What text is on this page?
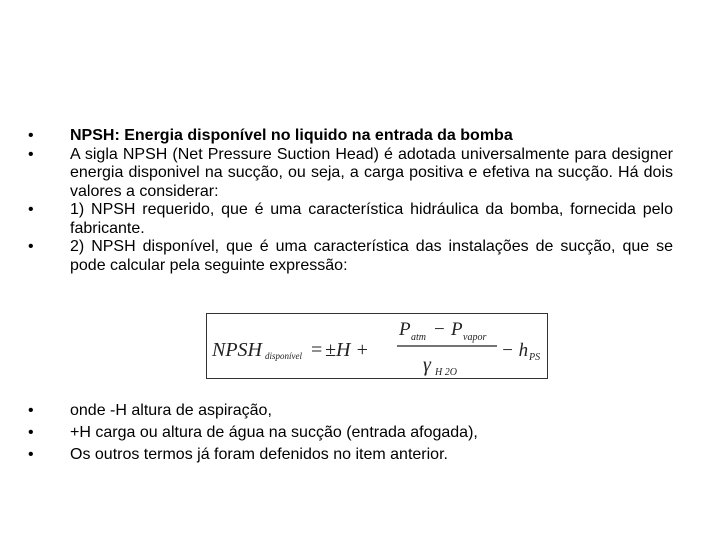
• NPSH: Energia disponível no liquido na entrada da bomba
• A sigla NPSH (Net Pressure Suction Head) é adotada universalmente para designer energia disponivel na sucção, ou seja, a carga positiva e efetiva na sucção. Há dois valores a considerar:
• 1) NPSH requerido, que é uma característica hidráulica da bomba, fornecida pelo fabricante.
• 2) NPSH disponível, que é uma característica das instalações de sucção, que se pode calcular pela seguinte expressão:
NPSH disponível = ±H +
P atm − P vapor
γ H 2O
− h PS
• onde -H altura de aspiração,
• +H carga ou altura de água na sucção (entrada afogada),
• Os outros termos já foram defenidos no item anterior.
